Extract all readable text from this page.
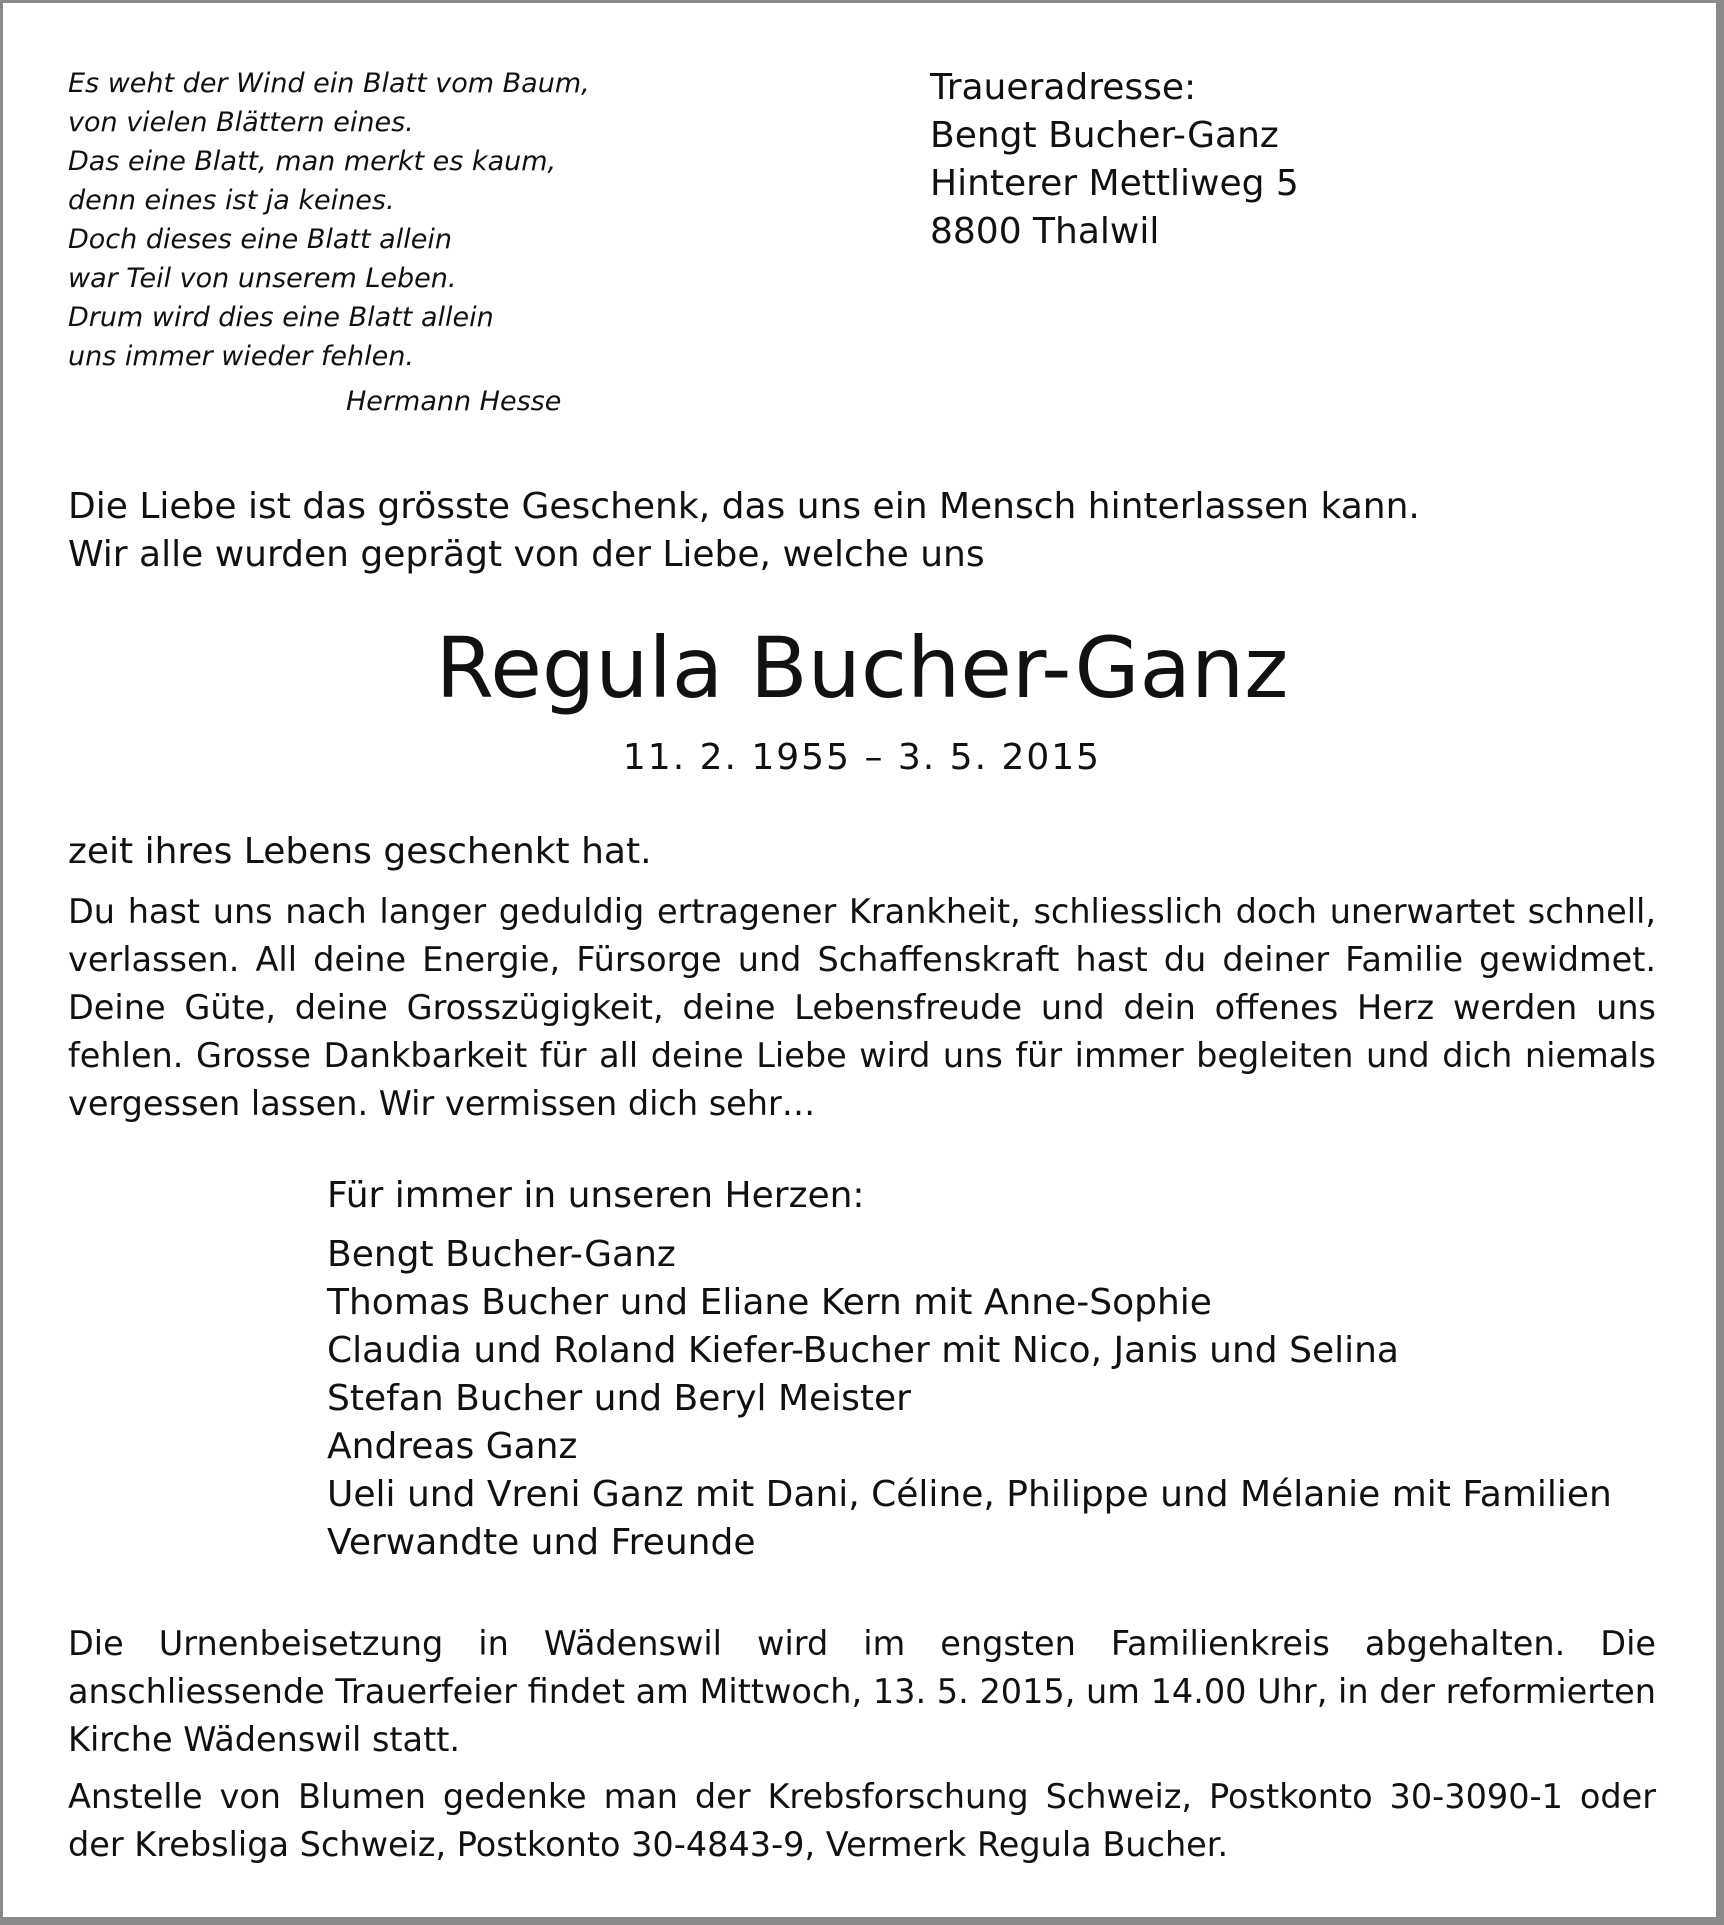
Es weht der Wind ein Blatt vom Baum,
von vielen Blättern eines.
Das eine Blatt, man merkt es kaum,
denn eines ist ja keines.
Doch dieses eine Blatt allein
war Teil von unserem Leben.
Drum wird dies eine Blatt allein
uns immer wieder fehlen.
Hermann Hesse
Traueradresse:
Bengt Bucher-Ganz
Hinterer Mettliweg 5
8800 Thalwil
Die Liebe ist das grösste Geschenk, das uns ein Mensch hinterlassen kann.
Wir alle wurden geprägt von der Liebe, welche uns
Regula Bucher-Ganz
11. 2. 1955 – 3. 5. 2015
zeit ihres Lebens geschenkt hat.

Du hast uns nach langer geduldig ertragener Krankheit, schliesslich doch unerwartet schnell, verlassen. All deine Energie, Fürsorge und Schaffenskraft hast du deiner Familie gewidmet. Deine Güte, deine Grosszügigkeit, deine Lebensfreude und dein offenes Herz werden uns fehlen. Grosse Dankbarkeit für all deine Liebe wird uns für immer begleiten und dich niemals vergessen lassen. Wir vermissen dich sehr…

Für immer in unseren Herzen:
Bengt Bucher-Ganz
Thomas Bucher und Eliane Kern mit Anne-Sophie
Claudia und Roland Kiefer-Bucher mit Nico, Janis und Selina
Stefan Bucher und Beryl Meister
Andreas Ganz
Ueli und Vreni Ganz mit Dani, Céline, Philippe und Mélanie mit Familien
Verwandte und Freunde

Die Urnenbeisetzung in Wädenswil wird im engsten Familienkreis abgehalten. Die anschliessende Trauerfeier findet am Mittwoch, 13. 5. 2015, um 14.00 Uhr, in der reformierten Kirche Wädenswil statt.

Anstelle von Blumen gedenke man der Krebsforschung Schweiz, Postkonto 30-3090-1 oder der Krebsliga Schweiz, Postkonto 30-4843-9, Vermerk Regula Bucher.
